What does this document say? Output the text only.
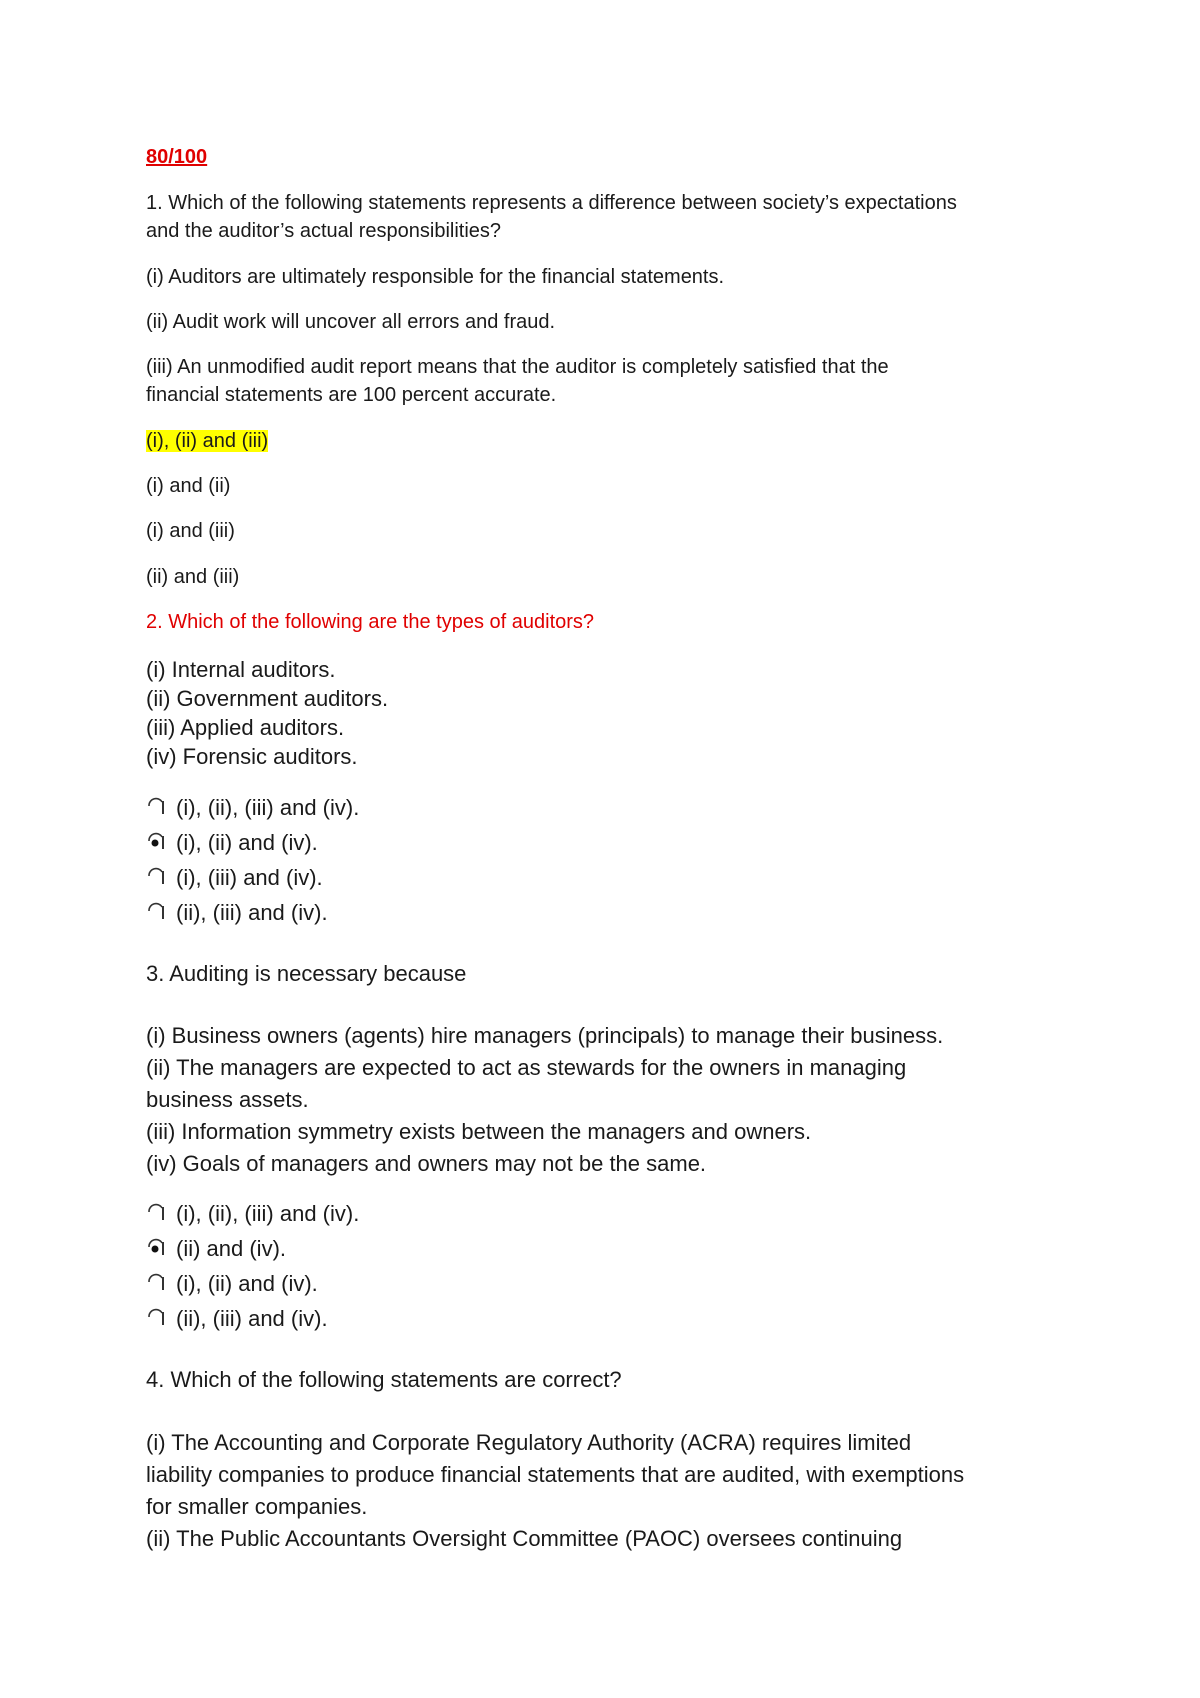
80/100
1. Which of the following statements represents a difference between society’s expectations
and the auditor’s actual responsibilities?
(i) Auditors are ultimately responsible for the financial statements.
(ii) Audit work will uncover all errors and fraud.
(iii) An unmodified audit report means that the auditor is completely satisfied that the
financial statements are 100 percent accurate.
(i), (ii) and (iii)
(i) and (ii)
(i) and (iii)
(ii) and (iii)
2. Which of the following are the types of auditors?
(i) Internal auditors.
(ii) Government auditors.
(iii) Applied auditors.
(iv) Forensic auditors.
(i), (ii), (iii) and (iv).
(i), (ii) and (iv).
(i), (iii) and (iv).
(ii), (iii) and (iv).
3. Auditing is necessary because
(i) Business owners (agents) hire managers (principals) to manage their business.
(ii) The managers are expected to act as stewards for the owners in managing
business assets.
(iii) Information symmetry exists between the managers and owners.
(iv) Goals of managers and owners may not be the same.
(i), (ii), (iii) and (iv).
(ii) and (iv).
(i), (ii) and (iv).
(ii), (iii) and (iv).
4. Which of the following statements are correct?
(i) The Accounting and Corporate Regulatory Authority (ACRA) requires limited
liability companies to produce financial statements that are audited, with exemptions
for smaller companies.
(ii) The Public Accountants Oversight Committee (PAOC) oversees continuing
